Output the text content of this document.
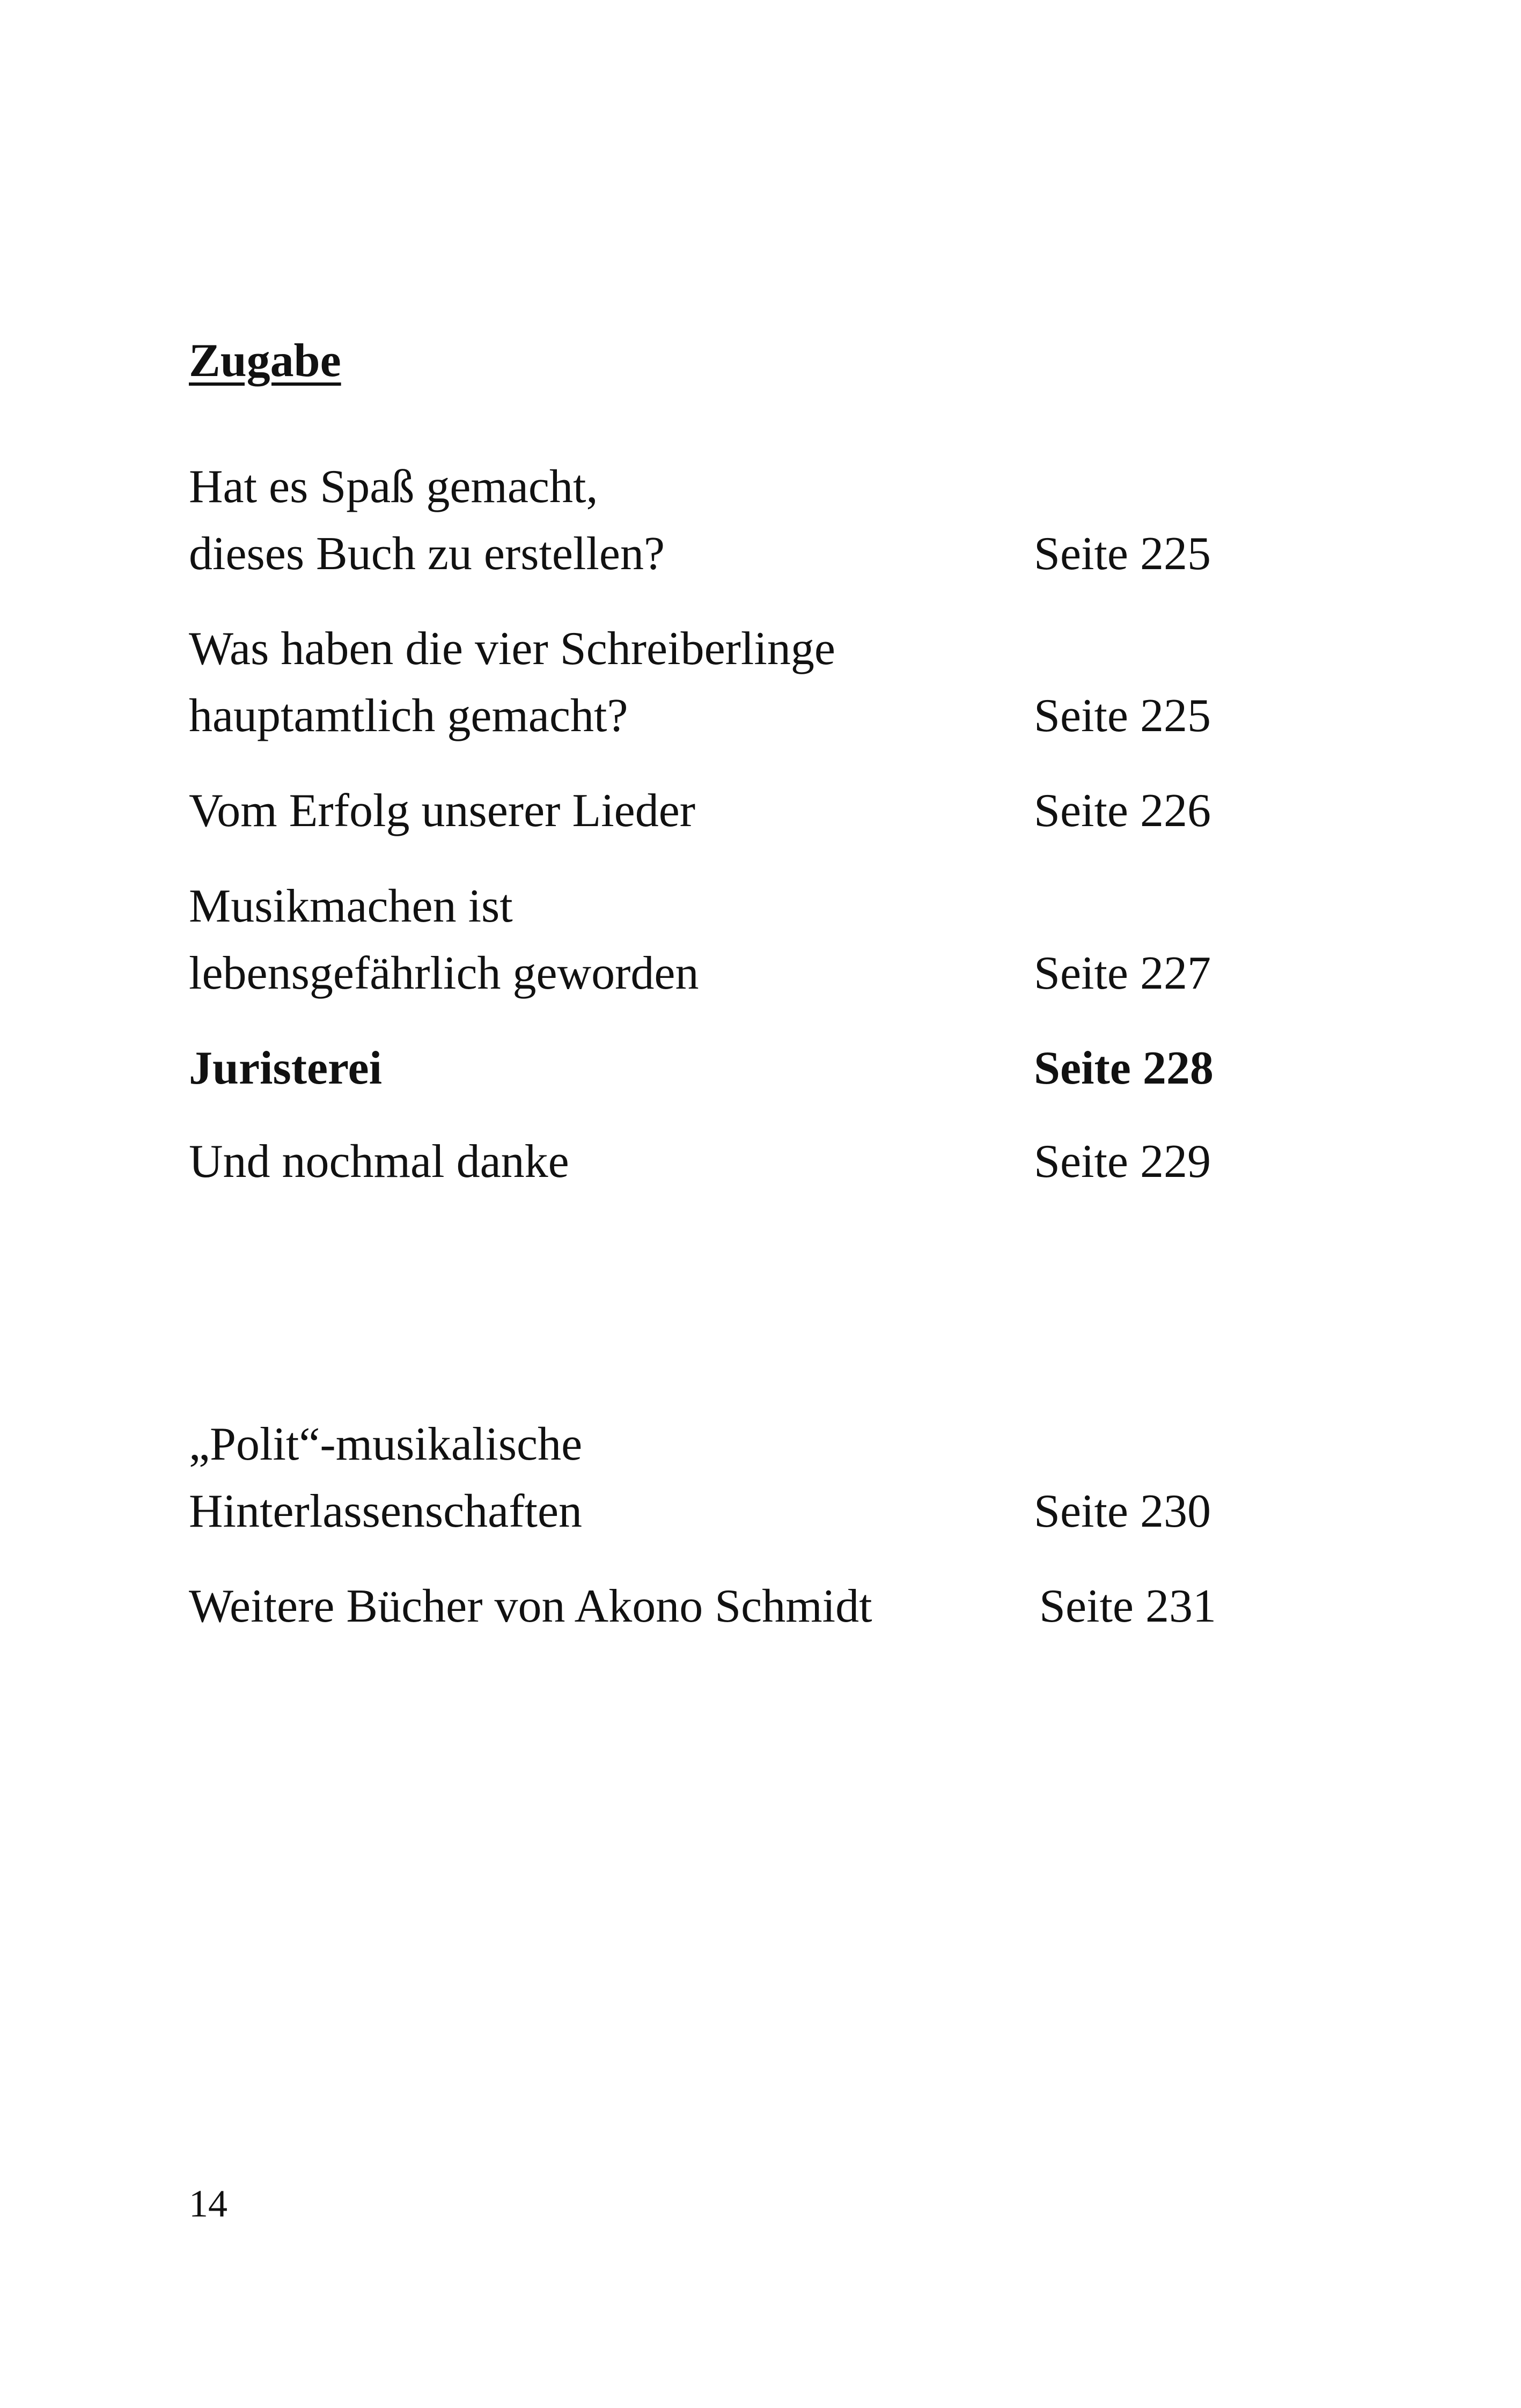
Zugabe
Hat es Spaß gemacht,
dieses Buch zu erstellen?	Seite 225
Was haben die vier Schreiberlinge
hauptamtlich gemacht?	Seite 225
Vom Erfolg unserer Lieder	Seite 226
Musikmachen ist
lebensgefährlich geworden	Seite 227
Juristerei	Seite 228
Und nochmal danke	Seite 229
„Polit“-musikalische
Hinterlassenschaften	Seite 230
Weitere Bücher von Akono Schmidt	Seite 231
14
